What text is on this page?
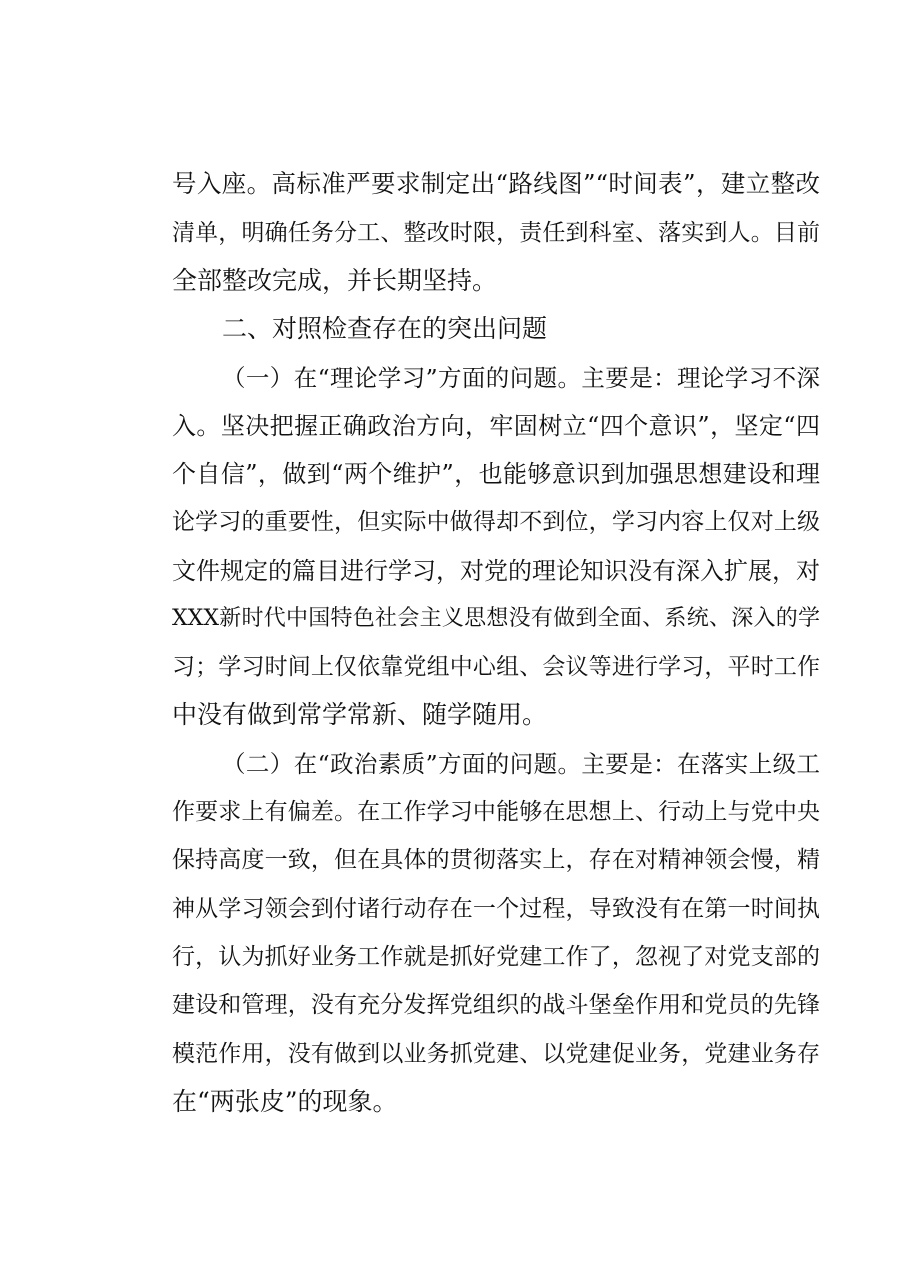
号入座。高标准严要求制定出“路线图”“时间表”，建立整改
清单，明确任务分工、整改时限，责任到科室、落实到人。目前
全部整改完成，并长期坚持。
二、对照检查存在的突出问题
（一）在“理论学习”方面的问题。主要是：理论学习不深
入。坚决把握正确政治方向，牢固树立“四个意识”，坚定“四
个自信”，做到“两个维护”，也能够意识到加强思想建设和理
论学习的重要性，但实际中做得却不到位，学习内容上仅对上级
文件规定的篇目进行学习，对党的理论知识没有深入扩展，对
XXX新时代中国特色社会主义思想没有做到全面、系统、深入的学
习；学习时间上仅依靠党组中心组、会议等进行学习，平时工作
中没有做到常学常新、随学随用。
（二）在“政治素质”方面的问题。主要是：在落实上级工
作要求上有偏差。在工作学习中能够在思想上、行动上与党中央
保持高度一致，但在具体的贯彻落实上，存在对精神领会慢，精
神从学习领会到付诸行动存在一个过程，导致没有在第一时间执
行，认为抓好业务工作就是抓好党建工作了，忽视了对党支部的
建设和管理，没有充分发挥党组织的战斗堡垒作用和党员的先锋
模范作用，没有做到以业务抓党建、以党建促业务，党建业务存
在“两张皮”的现象。
